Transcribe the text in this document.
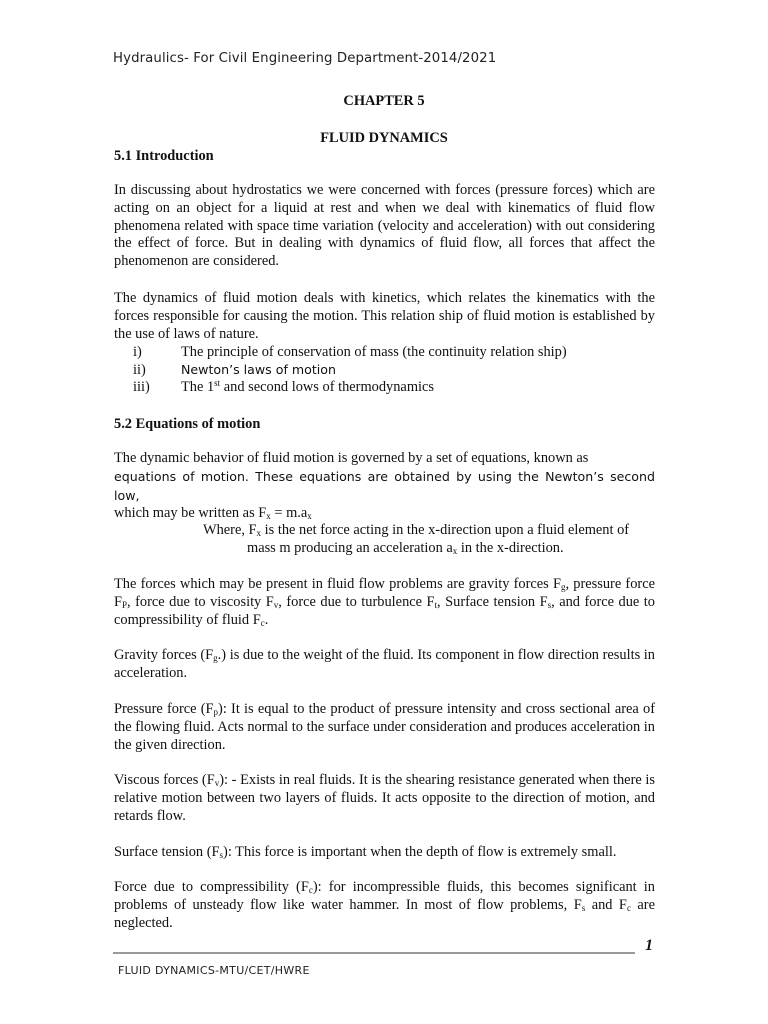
Hydraulics- For Civil Engineering Department-2014/2021
CHAPTER 5
FLUID DYNAMICS
5.1 Introduction

In discussing about hydrostatics we were concerned with forces (pressure forces) which are acting on an object for a liquid at rest and when we deal with kinematics of fluid flow phenomena related with space time variation (velocity and acceleration) with out considering the effect of force. But in dealing with dynamics of fluid flow, all forces that affect the phenomenon are considered.

The dynamics of fluid motion deals with kinetics, which relates the kinematics with the forces responsible for causing the motion. This relation ship of fluid motion is established by the use of laws of nature.

i)	The principle of conservation of mass (the continuity relation ship)
ii)	Newton’s laws of motion
iii) The 1st and second lows of thermodynamics
5.2 Equations of motion

The dynamic behavior of fluid motion is governed by a set of equations, known as
equations of motion. These equations are obtained by using the Newton’s second low,
which may be written as $F_x = m.a_x$

Where, $F_x$ is the net force acting in the x-direction upon a fluid element of
mass m producing an acceleration $a_x$ in the x-direction.

The forces which may be present in fluid flow problems are gravity forces $F_g$, pressure force $F_P$, force due to viscosity $F_v$, force due to turbulence $F_t$, Surface tension $F_s$, and force due to compressibility of fluid $F_c$.

Gravity forces $(F_g.)$ is due to the weight of the fluid. Its component in flow direction results in acceleration.

Pressure force $(F_p)$: It is equal to the product of pressure intensity and cross sectional area of the flowing fluid. Acts normal to the surface under consideration and produces acceleration in the given direction.

Viscous forces $(F_v)$: - Exists in real fluids. It is the shearing resistance generated when there is relative motion between two layers of fluids. It acts opposite to the direction of motion, and retards flow.

Surface tension $(F_s)$: This force is important when the depth of flow is extremely small.

Force due to compressibility $(F_c)$: for incompressible fluids, this becomes significant in problems of unsteady flow like water hammer. In most of flow problems, $F_s$ and $F_c$ are neglected.

1
FLUID DYNAMICS-MTU/CET/HWRE
